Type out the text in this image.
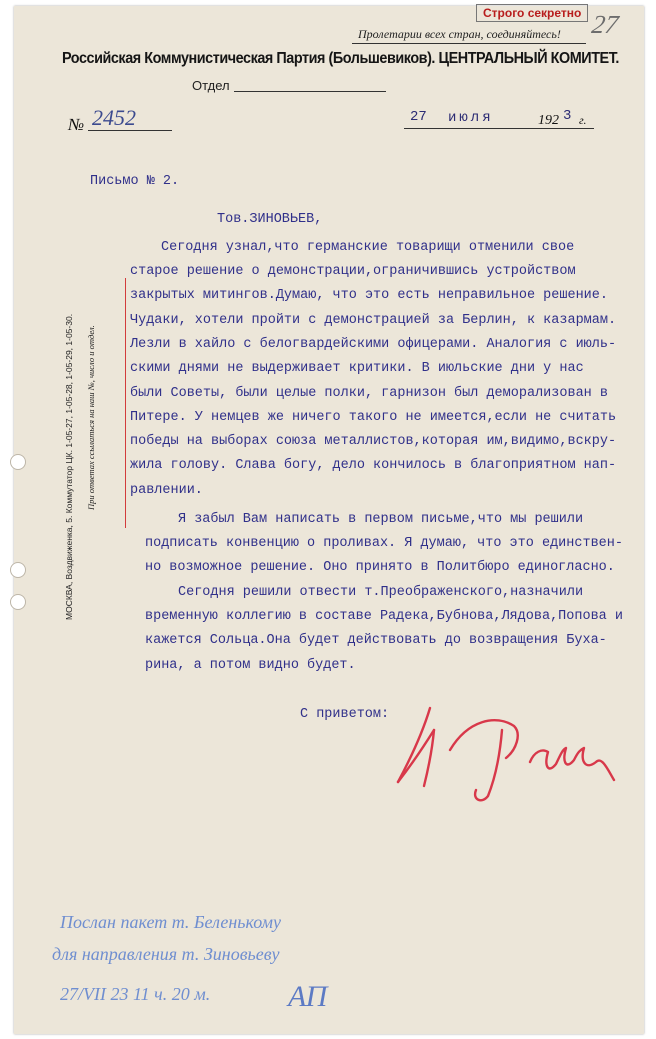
Строго секретно 27
Пролетарии всех стран, соединяйтесь!
Российская Коммунистическая Партия (Большевиков). ЦЕНТРАЛЬНЫЙ КОМИТЕТ.
Отдел
№ 2452	27 июля	192 3 г.
МОСКВА, Воздвиженка, 5. Коммутатор ЦК. 1-05-27, 1-05-28, 1-05-29, 1-05-30. При ответах ссылаться на наш №, число и отдел.
Письмо № 2.
Тов.ЗИНОВЬЕВ,
Сегодня узнал,что германские товарищи отменили свое
старое решение о демонстрации,ограничившись устройством
закрытых митингов.Думаю, что это есть неправильное решение.
Чудаки, хотели пройти с демонстрацией за Берлин, к казармам.
Лезли в хайло с белогвардейскими офицерами. Аналогия с июль-
скими днями не выдерживает критики. В июльские дни у нас
были Советы, были целые полки, гарнизон был деморализован в
Питере. У немцев же ничего такого не имеется,если не считать
победы на выборах союза металлистов,которая им,видимо,вскру-
жила голову. Слава богу, дело кончилось в благоприятном нап-
равлении.
Я забыл Вам написать в первом письме,что мы решили
подписать конвенцию о проливах. Я думаю, что это единствен-
но возможное решение. Оно принято в Политбюро единогласно.
Сегодня решили отвести т.Преображенского,назначили
временную коллегию в составе Радека,Бубнова,Лядова,Попова и
кажется Сольца.Она будет действовать до возвращения Буха-
рина, а потом видно будет.
С приветом:
Послан пакет т. Беленькому
для направления т. Зиновьеву
27/VII 23 11 ч. 20 м.	АП
